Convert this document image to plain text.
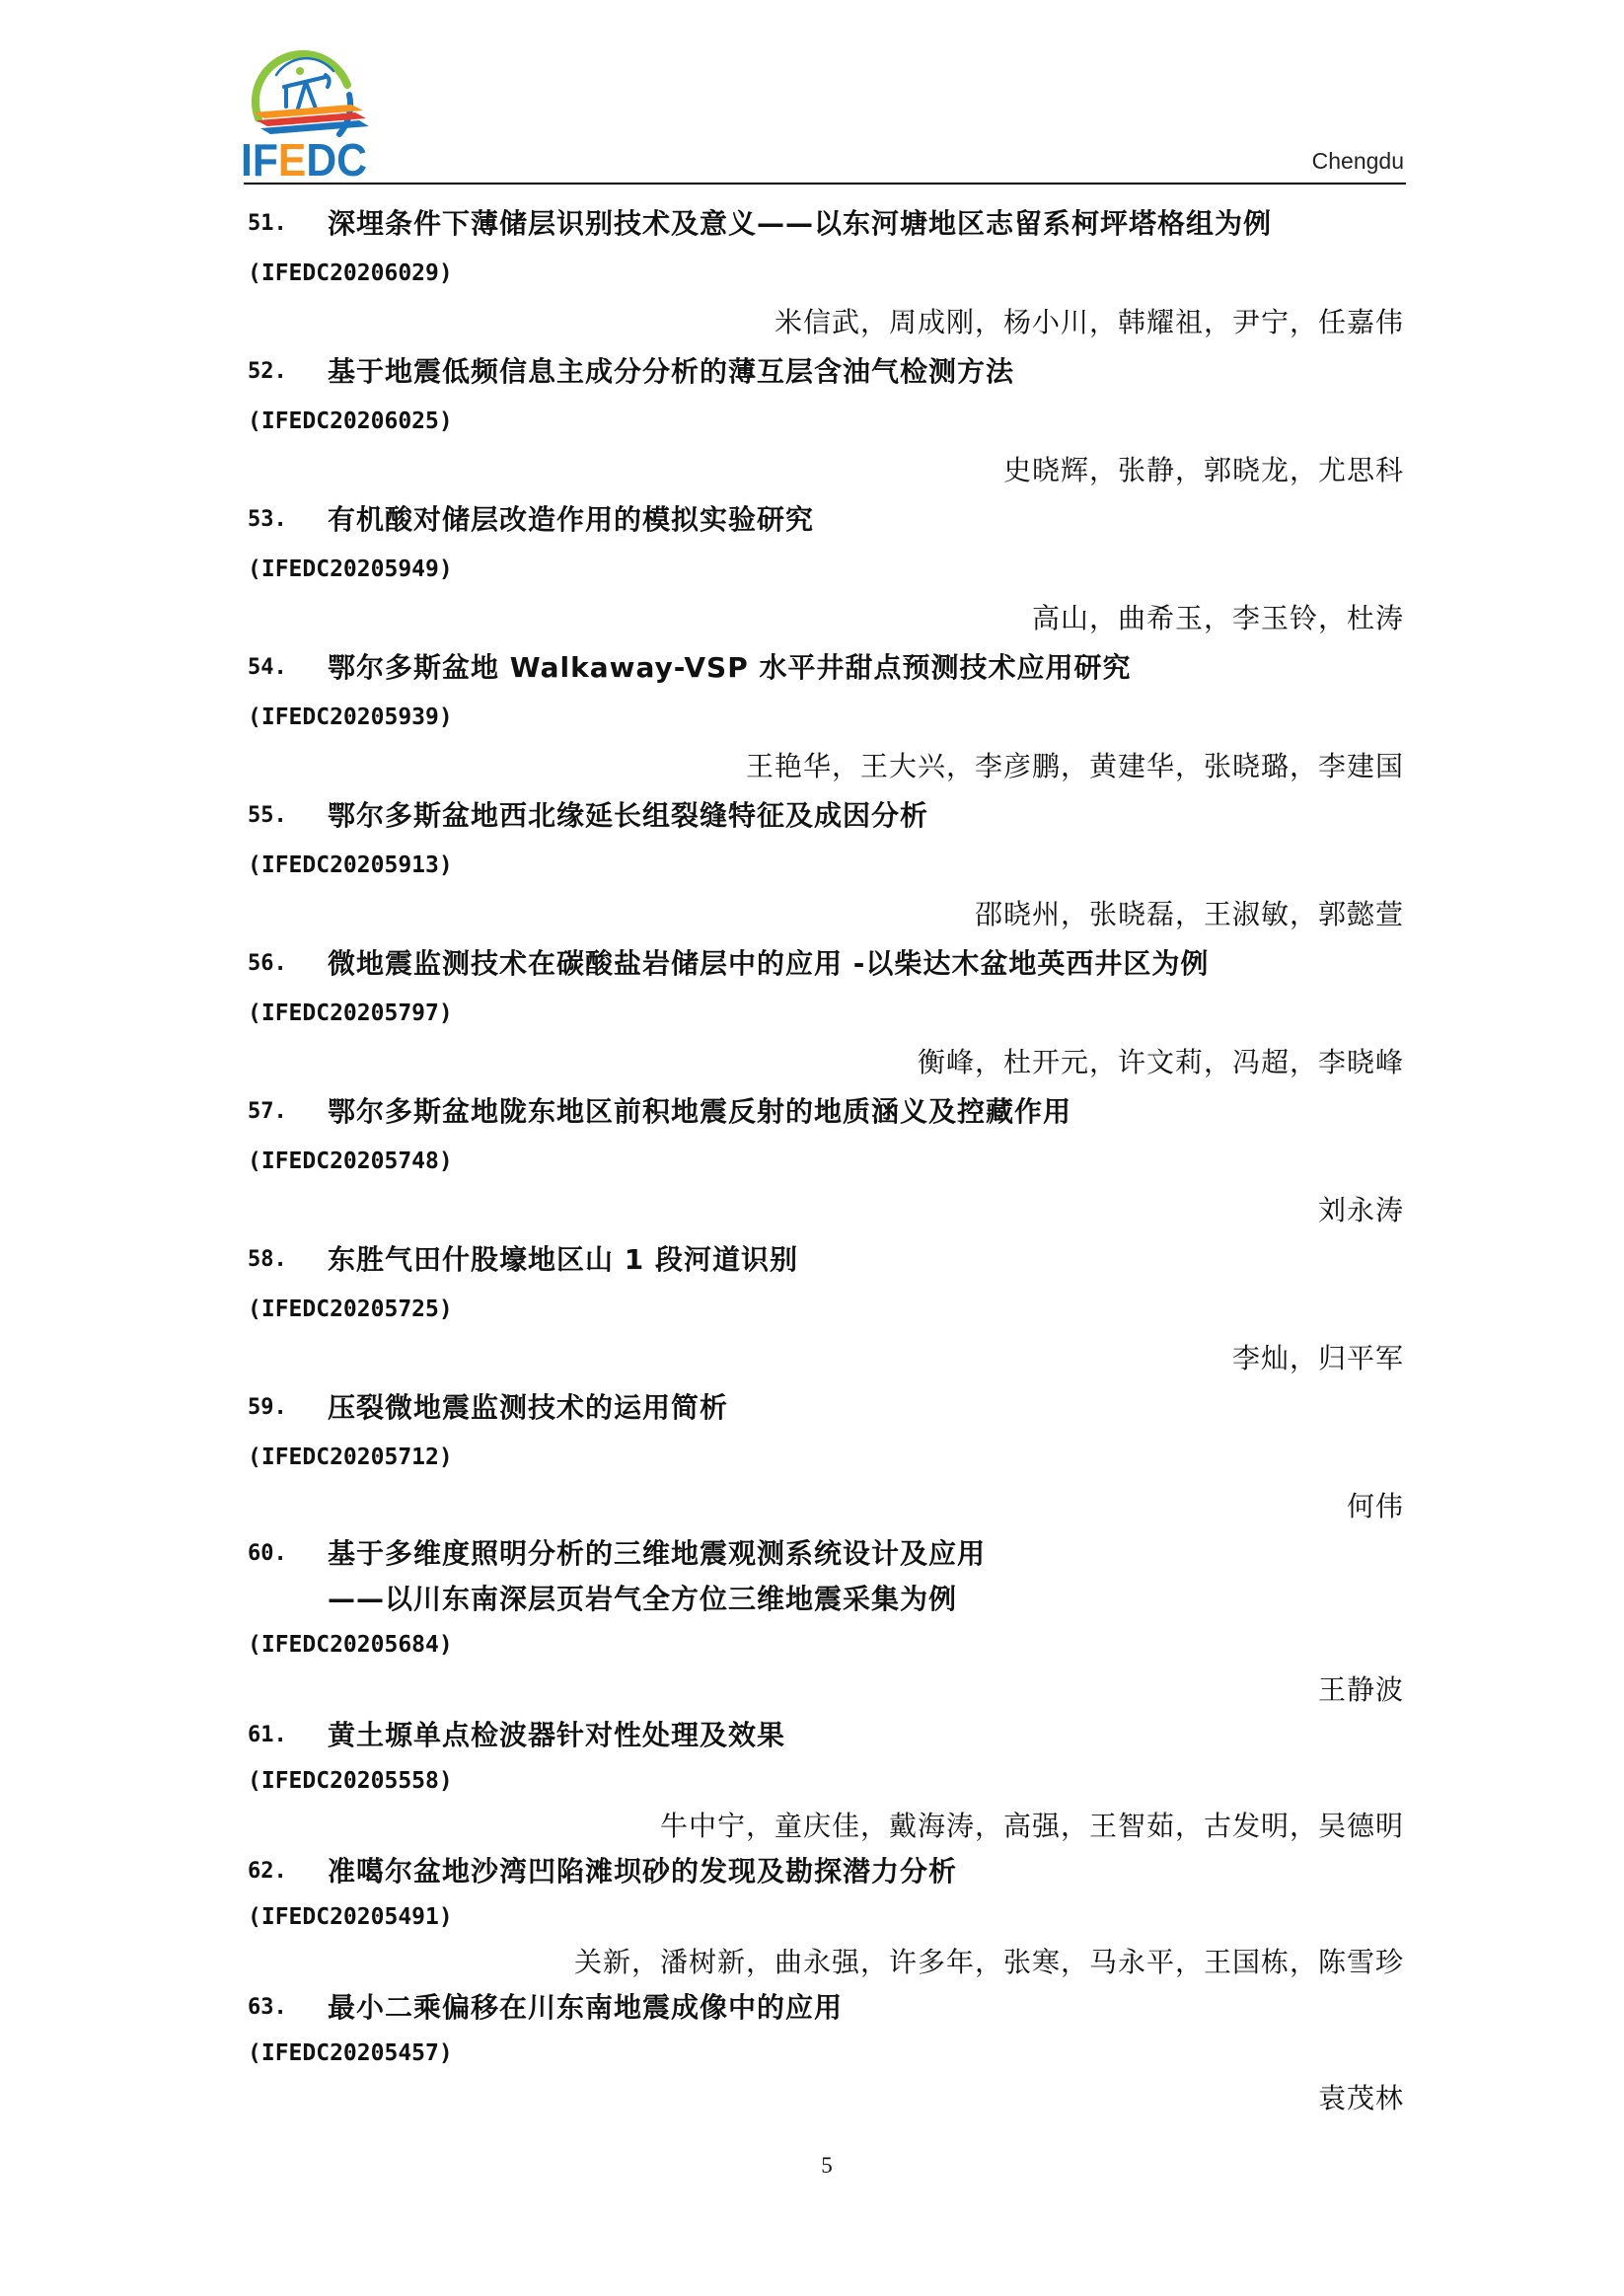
IFEDC	Chengdu
51.	深埋条件下薄储层识别技术及意义——以东河塘地区志留系柯坪塔格组为例
(IFEDC20206029)
米信武，周成刚，杨小川，韩耀祖，尹宁，任嘉伟
52.	基于地震低频信息主成分分析的薄互层含油气检测方法
(IFEDC20206025)
史晓辉，张静，郭晓龙，尤思科
53.	有机酸对储层改造作用的模拟实验研究
(IFEDC20205949)
高山，曲希玉，李玉铃，杜涛
54.	鄂尔多斯盆地 Walkaway-VSP 水平井甜点预测技术应用研究
(IFEDC20205939)
王艳华，王大兴，李彦鹏，黄建华，张晓璐，李建国
55.	鄂尔多斯盆地西北缘延长组裂缝特征及成因分析
(IFEDC20205913)
邵晓州，张晓磊，王淑敏，郭懿萱
56.	微地震监测技术在碳酸盐岩储层中的应用 -以柴达木盆地英西井区为例
(IFEDC20205797)
衡峰，杜开元，许文莉，冯超，李晓峰
57.	鄂尔多斯盆地陇东地区前积地震反射的地质涵义及控藏作用
(IFEDC20205748)
刘永涛
58.	东胜气田什股壕地区山 1 段河道识别
(IFEDC20205725)
李灿，归平军
59.	压裂微地震监测技术的运用简析
(IFEDC20205712)
何伟
60.	基于多维度照明分析的三维地震观测系统设计及应用
——以川东南深层页岩气全方位三维地震采集为例
(IFEDC20205684)
王静波
61.	黄土塬单点检波器针对性处理及效果
(IFEDC20205558)
牛中宁，童庆佳，戴海涛，高强，王智茹，古发明，吴德明
62.	准噶尔盆地沙湾凹陷滩坝砂的发现及勘探潜力分析
(IFEDC20205491)
关新，潘树新，曲永强，许多年，张寒，马永平，王国栋，陈雪珍
63.	最小二乘偏移在川东南地震成像中的应用
(IFEDC20205457)
袁茂林
5
